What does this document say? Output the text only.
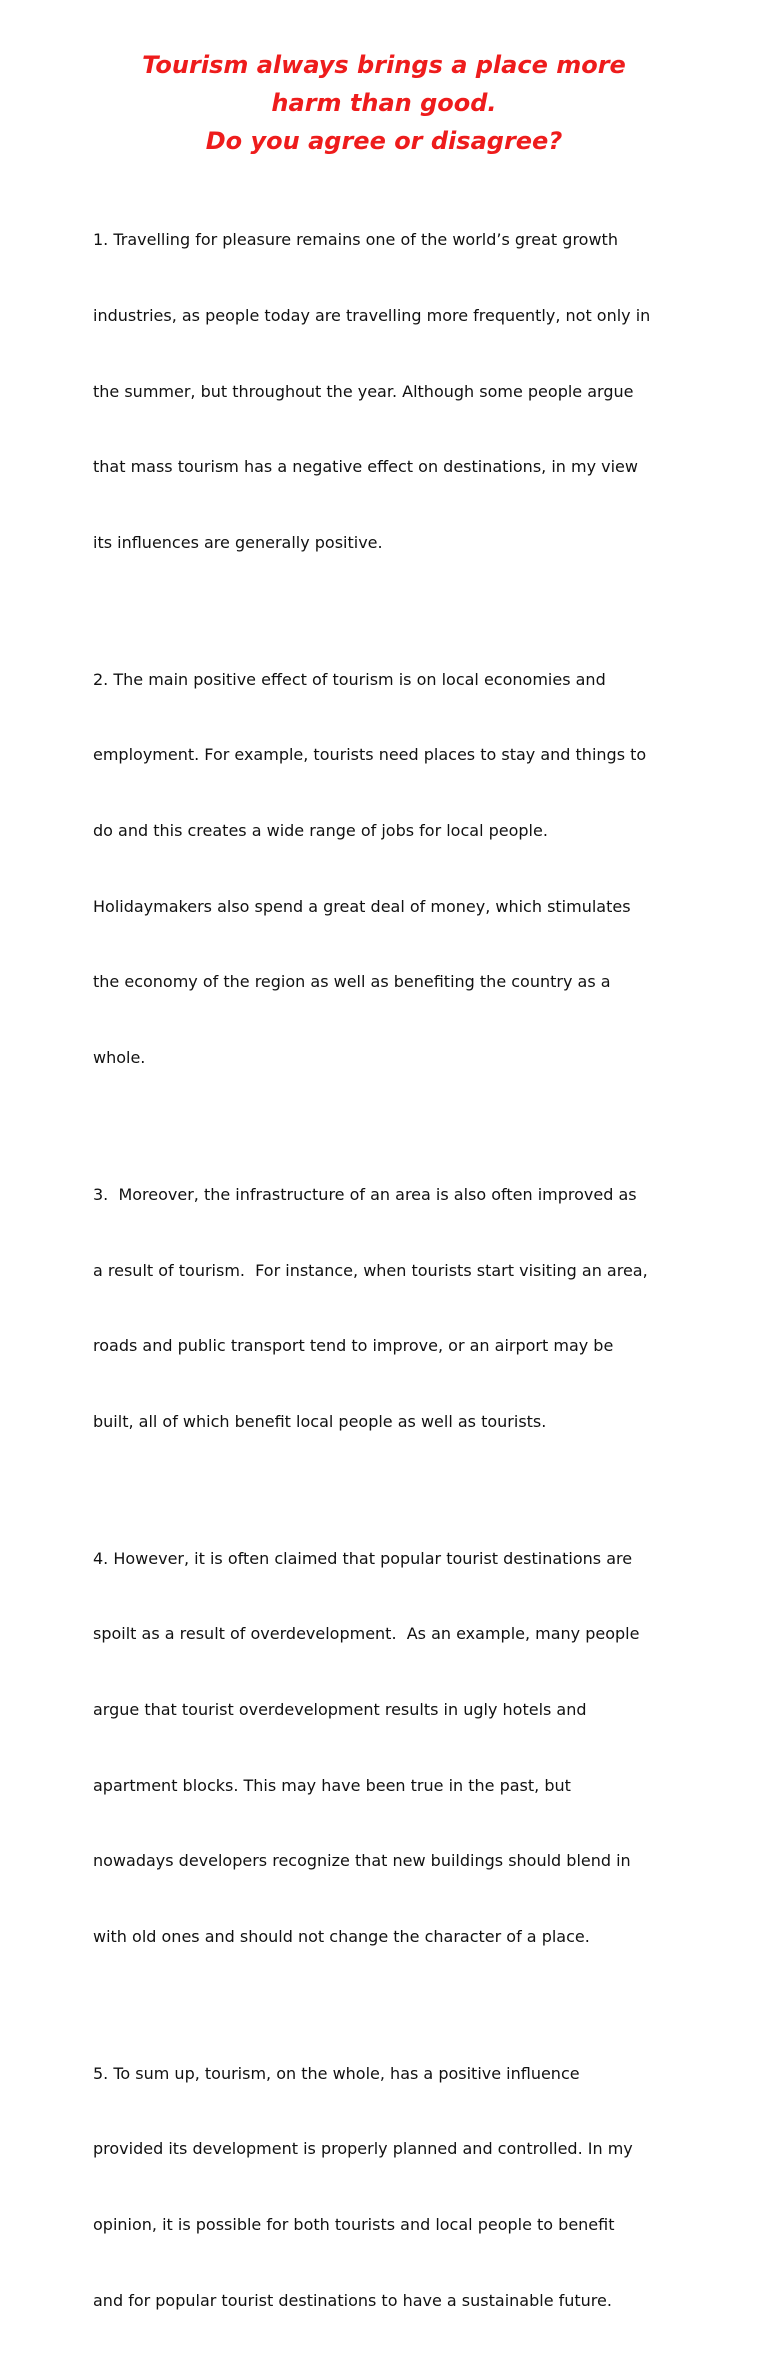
Tourism always brings a place more
harm than good.
Do you agree or disagree?

1. Travelling for pleasure remains one of the world’s great growth

industries, as people today are travelling more frequently, not only in

the summer, but throughout the year. Although some people argue

that mass tourism has a negative effect on destinations, in my view

its influences are generally positive.

2. The main positive effect of tourism is on local economies and

employment. For example, tourists need places to stay and things to

do and this creates a wide range of jobs for local people.

Holidaymakers also spend a great deal of money, which stimulates

the economy of the region as well as benefiting the country as a

whole.

3.  Moreover, the infrastructure of an area is also often improved as

a result of tourism.  For instance, when tourists start visiting an area,

roads and public transport tend to improve, or an airport may be

built, all of which benefit local people as well as tourists.

4. However, it is often claimed that popular tourist destinations are

spoilt as a result of overdevelopment.  As an example, many people

argue that tourist overdevelopment results in ugly hotels and

apartment blocks. This may have been true in the past, but

nowadays developers recognize that new buildings should blend in

with old ones and should not change the character of a place.

5. To sum up, tourism, on the whole, has a positive influence

provided its development is properly planned and controlled. In my

opinion, it is possible for both tourists and local people to benefit

and for popular tourist destinations to have a sustainable future.
